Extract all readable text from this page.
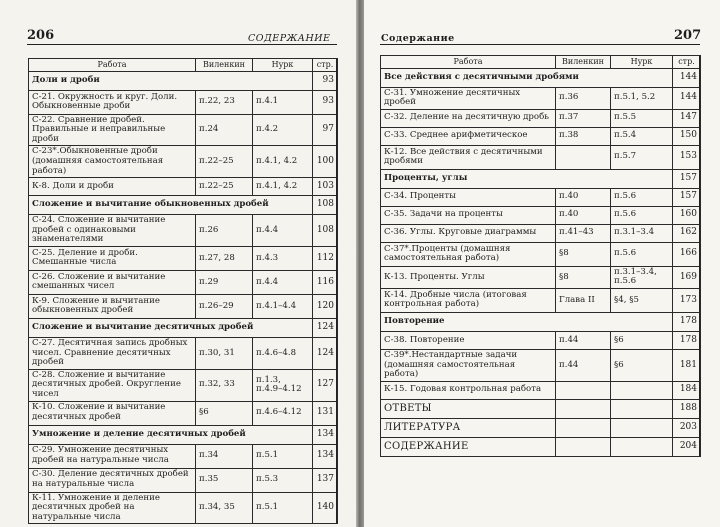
206	СОДЕРЖАНИЕ
Работа	Виленкин	Нурк	стр.
Доли и дроби			93
С-21. Окружность и круг. Доли. Обыкновенные дроби	п.22, 23	п.4.1	93
С-22. Сравнение дробей. Правильные и неправильные дроби	п.24	п.4.2	97
С-23*.Обыкновенные дроби (домашняя самостоятельная работа)	п.22–25	п.4.1, 4.2	100
К-8. Доли и дроби	п.22–25	п.4.1, 4.2	103
Сложение и вычитание обыкновенных дробей			108
С-24. Сложение и вычитание дробей с одинаковыми знаменателями	п.26	п.4.4	108
С-25. Деление и дроби. Смешанные числа	п.27, 28	п.4.3	112
С-26. Сложение и вычитание смешанных чисел	п.29	п.4.4	116
К-9. Сложение и вычитание обыкновенных дробей	п.26–29	п.4.1–4.4	120
Сложение и вычитание десятичных дробей			124
С-27. Десятичная запись дробных чисел. Сравнение десятичных дробей	п.30, 31	п.4.6–4.8	124
С-28. Сложение и вычитание десятичных дробей. Округление чисел	п.32, 33	п.1.3, п.4.9–4.12	127
К-10. Сложение и вычитание десятичных дробей	§6	п.4.6–4.12	131
Умножение и деление десятичных дробей			134
С-29. Умножение десятичных дробей на натуральные числа	п.34	п.5.1	134
С-30. Деление десятичных дробей на натуральные числа	п.35	п.5.3	137
К-11. Умножение и деление десятичных дробей на натуральные числа	п.34, 35	п.5.1	140
Содержание	207
Работа	Виленкин	Нурк	стр.
Все действия с десятичными дробями			144
С-31. Умножение десятичных дробей	п.36	п.5.1, 5.2	144
С-32. Деление на десятичную дробь	п.37	п.5.5	147
С-33. Среднее арифметическое	п.38	п.5.4	150
К-12. Все действия с десятичными дробями		п.5.7	153
Проценты, углы			157
С-34. Проценты	п.40	п.5.6	157
С-35. Задачи на проценты	п.40	п.5.6	160
С-36. Углы. Круговые диаграммы	п.41–43	п.3.1–3.4	162
С-37*.Проценты (домашняя самостоятельная работа)	§8	п.5.6	166
К-13. Проценты. Углы	§8	п.3.1–3.4, п.5.6	169
К-14. Дробные числа (итоговая контрольная работа)	Глава II	§4, §5	173
Повторение			178
С-38. Повторение	п.44	§6	178
С-39*.Нестандартные задачи (домашняя самостоятельная работа)	п.44	§6	181
К-15. Годовая контрольная работа			184
ОТВЕТЫ			188
ЛИТЕРАТУРА			203
СОДЕРЖАНИЕ			204
